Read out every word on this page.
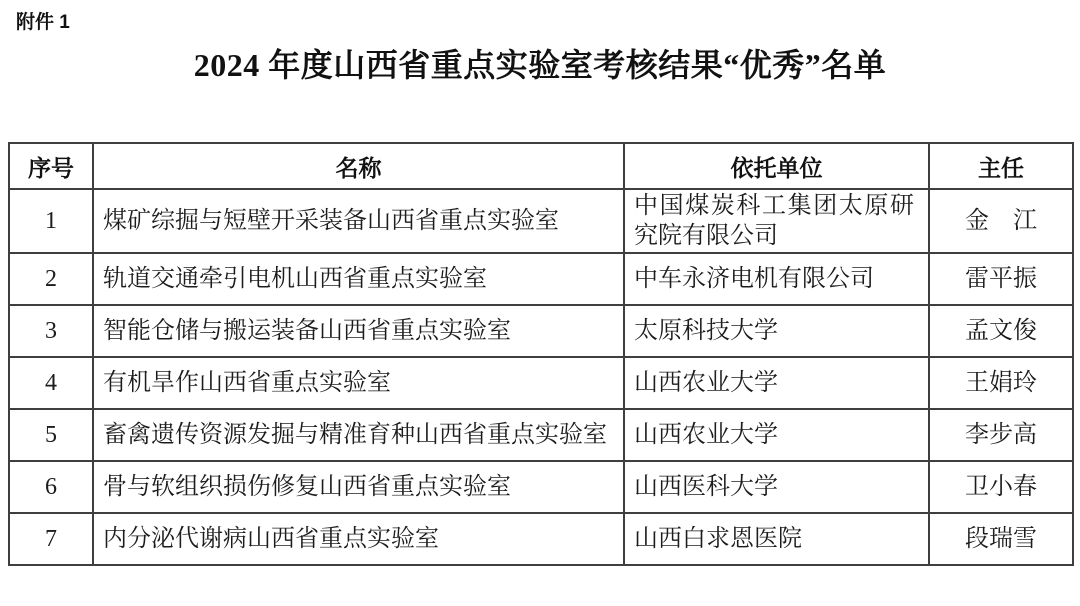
附件 1
2024 年度山西省重点实验室考核结果“优秀”名单
序号	名称	依托单位	主任
1	煤矿综掘与短壁开采装备山西省重点实验室	中国煤炭科工集团太原研究院有限公司	金　江
2	轨道交通牵引电机山西省重点实验室	中车永济电机有限公司	雷平振
3	智能仓储与搬运装备山西省重点实验室	太原科技大学	孟文俊
4	有机旱作山西省重点实验室	山西农业大学	王娟玲
5	畜禽遗传资源发掘与精准育种山西省重点实验室	山西农业大学	李步高
6	骨与软组织损伤修复山西省重点实验室	山西医科大学	卫小春
7	内分泌代谢病山西省重点实验室	山西白求恩医院	段瑞雪
